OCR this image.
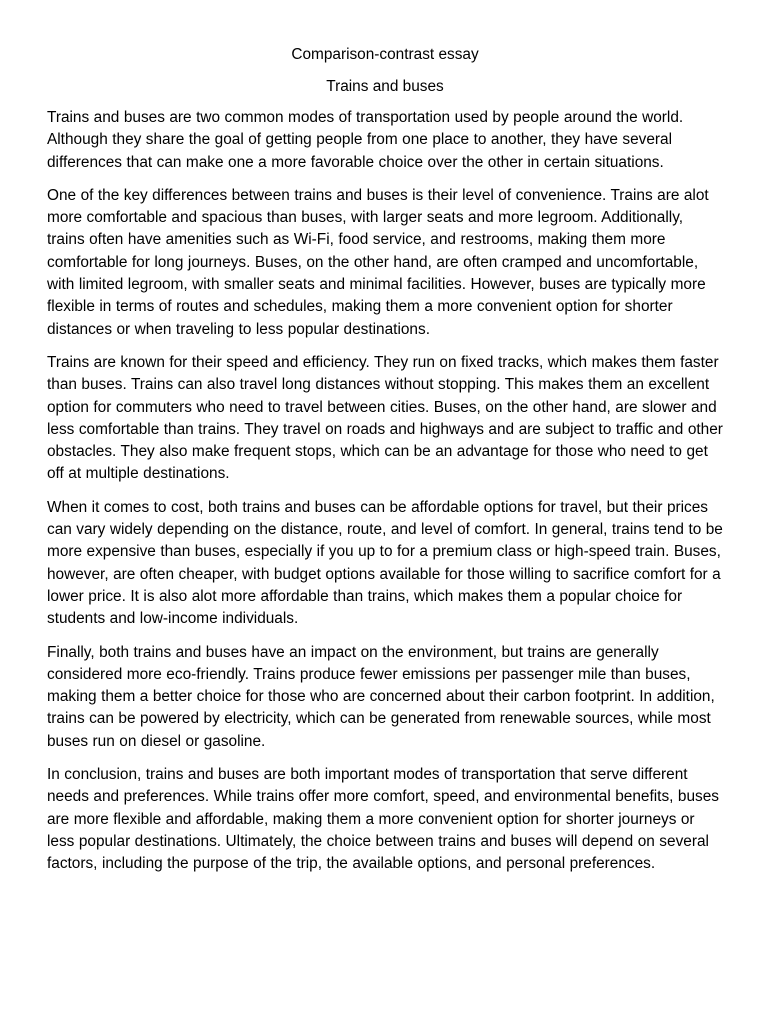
Comparison-contrast essay

Trains and buses

Trains and buses are two common modes of transportation used by people around the world. Although they share the goal of getting people from one place to another, they have several differences that can make one a more favorable choice over the other in certain situations.

One of the key differences between trains and buses is their level of convenience. Trains are alot more comfortable and spacious than buses, with larger seats and more legroom. Additionally, trains often have amenities such as Wi-Fi, food service, and restrooms, making them more comfortable for long journeys. Buses, on the other hand, are often cramped and uncomfortable, with limited legroom, with smaller seats and minimal facilities. However, buses are typically more flexible in terms of routes and schedules, making them a more convenient option for shorter distances or when traveling to less popular destinations.

Trains are known for their speed and efficiency. They run on fixed tracks, which makes them faster than buses. Trains can also travel long distances without stopping. This makes them an excellent option for commuters who need to travel between cities. Buses, on the other hand, are slower and less comfortable than trains. They travel on roads and highways and are subject to traffic and other obstacles. They also make frequent stops, which can be an advantage for those who need to get off at multiple destinations.

When it comes to cost, both trains and buses can be affordable options for travel, but their prices can vary widely depending on the distance, route, and level of comfort. In general, trains tend to be more expensive than buses, especially if you up to for a premium class or high-speed train. Buses, however, are often cheaper, with budget options available for those willing to sacrifice comfort for a lower price. It is also alot more affordable than trains, which makes them a popular choice for students and low-income individuals.

Finally, both trains and buses have an impact on the environment, but trains are generally considered more eco-friendly. Trains produce fewer emissions per passenger mile than buses, making them a better choice for those who are concerned about their carbon footprint. In addition, trains can be powered by electricity, which can be generated from renewable sources, while most buses run on diesel or gasoline.

In conclusion, trains and buses are both important modes of transportation that serve different needs and preferences. While trains offer more comfort, speed, and environmental benefits, buses are more flexible and affordable, making them a more convenient option for shorter journeys or less popular destinations. Ultimately, the choice between trains and buses will depend on several factors, including the purpose of the trip, the available options, and personal preferences.
